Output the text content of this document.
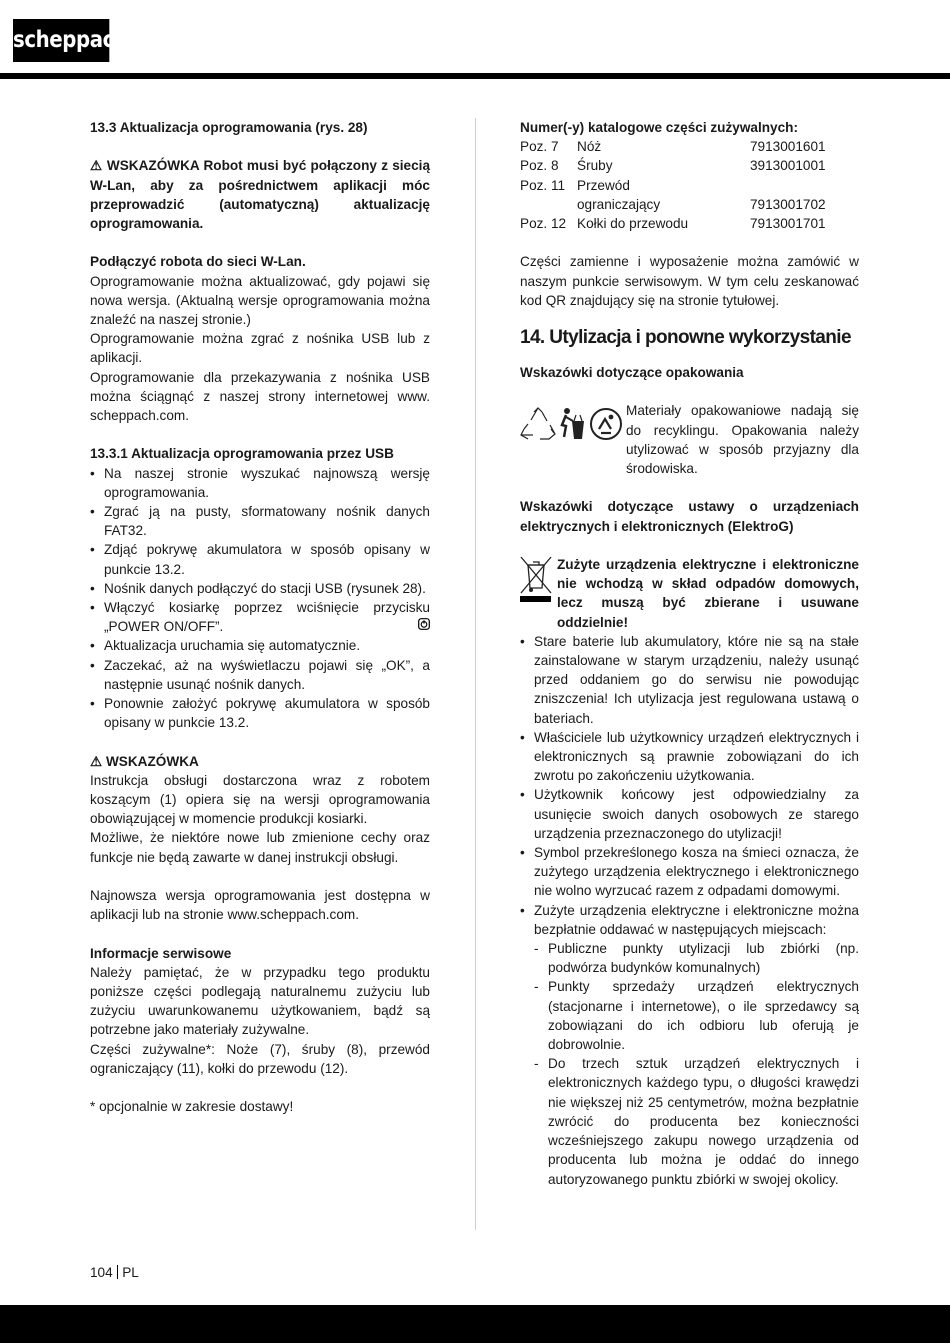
scheppach

13.3 Aktualizacja oprogramowania (rys. 28)

⚠ WSKAZÓWKA Robot musi być połączony z siecią W-Lan, aby za pośrednictwem aplikacji móc przeprowadzić (automatyczną) aktualizację oprogramowania.

Podłączyć robota do sieci W-Lan.

Oprogramowanie można aktualizować, gdy pojawi się nowa wersja. (Aktualną wersje oprogramowania można znaleźć na naszej stronie.)

Oprogramowanie można zgrać z nośnika USB lub z aplikacji.

Oprogramowanie dla przekazywania z nośnika USB można ściągnąć z naszej strony internetowej www. scheppach.com.

13.3.1 Aktualizacja oprogramowania przez USB

• Na naszej stronie wyszukać najnowszą wersję oprogramowania.
• Zgrać ją na pusty, sformatowany nośnik danych FAT32.
• Zdjąć pokrywę akumulatora w sposób opisany w punkcie 13.2.
• Nośnik danych podłączyć do stacji USB (rysunek 28).
• Włączyć kosiarkę poprzez wciśnięcie przycisku „POWER ON/OFF”.
• Aktualizacja uruchamia się automatycznie.
• Zaczekać, aż na wyświetlaczu pojawi się „OK”, a następnie usunąć nośnik danych.
• Ponownie założyć pokrywę akumulatora w sposób opisany w punkcie 13.2.

⚠ WSKAZÓWKA

Instrukcja obsługi dostarczona wraz z robotem koszącym (1) opiera się na wersji oprogramowania obowiązującej w momencie produkcji kosiarki.

Możliwe, że niektóre nowe lub zmienione cechy oraz funkcje nie będą zawarte w danej instrukcji obsługi.

Najnowsza wersja oprogramowania jest dostępna w aplikacji lub na stronie www.scheppach.com.

Informacje serwisowe

Należy pamiętać, że w przypadku tego produktu poniższe części podlegają naturalnemu zużyciu lub zużyciu uwarunkowanemu użytkowaniem, bądź są potrzebne jako materiały zużywalne.

Części zużywalne*: Noże (7), śruby (8), przewód ograniczający (11), kołki do przewodu (12).

* opcjonalnie w zakresie dostawy!

Numer(-y) katalogowe części zużywalnych:

Poz. 7	Nóż	7913001601
Poz. 8	Śruby	3913001001
Poz. 11	Przewód	
	ograniczający	7913001702
Poz. 12	Kołki do przewodu	7913001701

Części zamienne i wyposażenie można zamówić w naszym punkcie serwisowym. W tym celu zeskanować kod QR znajdujący się na stronie tytułowej.

14. Utylizacja i ponowne wykorzystanie

Wskazówki dotyczące opakowania

Materiały opakowaniowe nadają się do recyklingu. Opakowania należy utylizować w sposób przyjazny dla środowiska.

Wskazówki dotyczące ustawy o urządzeniach elektrycznych i elektronicznych (ElektroG)

Zużyte urządzenia elektryczne i elektroniczne nie wchodzą w skład odpadów domowych, lecz muszą być zbierane i usuwane oddzielnie!

• Stare baterie lub akumulatory, które nie są na stałe zainstalowane w starym urządzeniu, należy usunąć przed oddaniem go do serwisu nie powodując zniszczenia! Ich utylizacja jest regulowana ustawą o bateriach.
• Właściciele lub użytkownicy urządzeń elektrycznych i elektronicznych są prawnie zobowiązani do ich zwrotu po zakończeniu użytkowania.
• Użytkownik końcowy jest odpowiedzialny za usunięcie swoich danych osobowych ze starego urządzenia przeznaczonego do utylizacji!
• Symbol przekreślonego kosza na śmieci oznacza, że zużytego urządzenia elektrycznego i elektronicznego nie wolno wyrzucać razem z odpadami domowymi.
• Zużyte urządzenia elektryczne i elektroniczne można bezpłatnie oddawać w następujących miejscach:
- Publiczne punkty utylizacji lub zbiórki (np. podwórza budynków komunalnych)
- Punkty sprzedaży urządzeń elektrycznych (stacjonarne i internetowe), o ile sprzedawcy są zobowiązani do ich odbioru lub oferują je dobrowolnie.
- Do trzech sztuk urządzeń elektrycznych i elektronicznych każdego typu, o długości krawędzi nie większej niż 25 centymetrów, można bezpłatnie zwrócić do producenta bez konieczności wcześniejszego zakupu nowego urządzenia od producenta lub można je oddać do innego autoryzowanego punktu zbiórki w swojej okolicy.
104 PL
